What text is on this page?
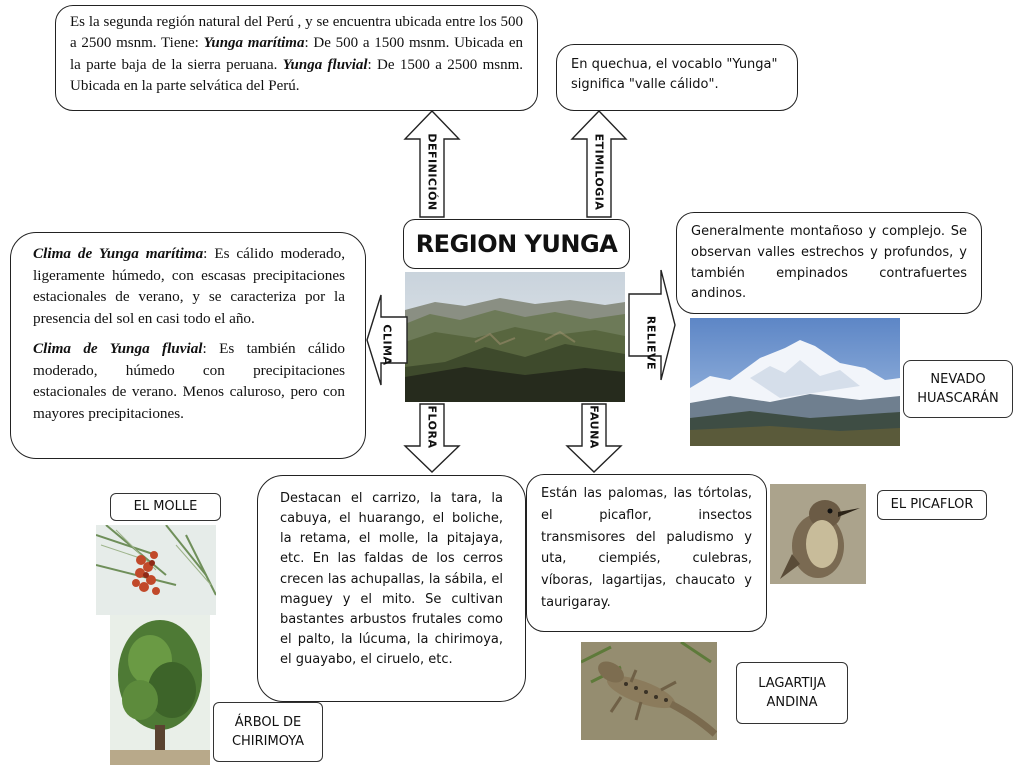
Es la segunda región natural del Perú , y se encuentra ubicada entre los 500 a 2500 msnm. Tiene: Yunga marítima: De 500 a 1500 msnm. Ubicada en la parte baja de la sierra peruana. Yunga fluvial: De 1500 a 2500 msnm. Ubicada en la parte selvática del Perú.

En quechua, el vocablo "Yunga" significa "valle cálido".

DEFINICIÓN	ETIMILOGIA
REGION YUNGA
CLIMA	RELIEVE
FLORA	FAUNA

Clima de Yunga marítima: Es cálido moderado, ligeramente húmedo, con escasas precipitaciones estacionales de verano, y se caracteriza por la presencia del sol en casi todo el año.

Clima de Yunga fluvial: Es también cálido moderado, húmedo con precipitaciones estacionales de verano. Menos caluroso, pero con mayores precipitaciones.

Generalmente montañoso y complejo. Se observan valles estrechos y profundos, y también empinados contrafuertes andinos.

NEVADO
HUASCARÁN

Destacan el carrizo, la tara, la cabuya, el huarango, el boliche, la retama, el molle, la pitajaya, etc. En las faldas de los cerros crecen las achupallas, la sábila, el maguey y el mito. Se cultivan bastantes arbustos frutales como el palto, la lúcuma, la chirimoya, el guayabo, el ciruelo, etc.

Están las palomas, las tórtolas, el picaflor, insectos transmisores del paludismo y uta, ciempiés, culebras, víboras, lagartijas, chaucato y taurigaray.

EL MOLLE
ÁRBOL DE
CHIRIMOYA
EL PICAFLOR
LAGARTIJA
ANDINA
